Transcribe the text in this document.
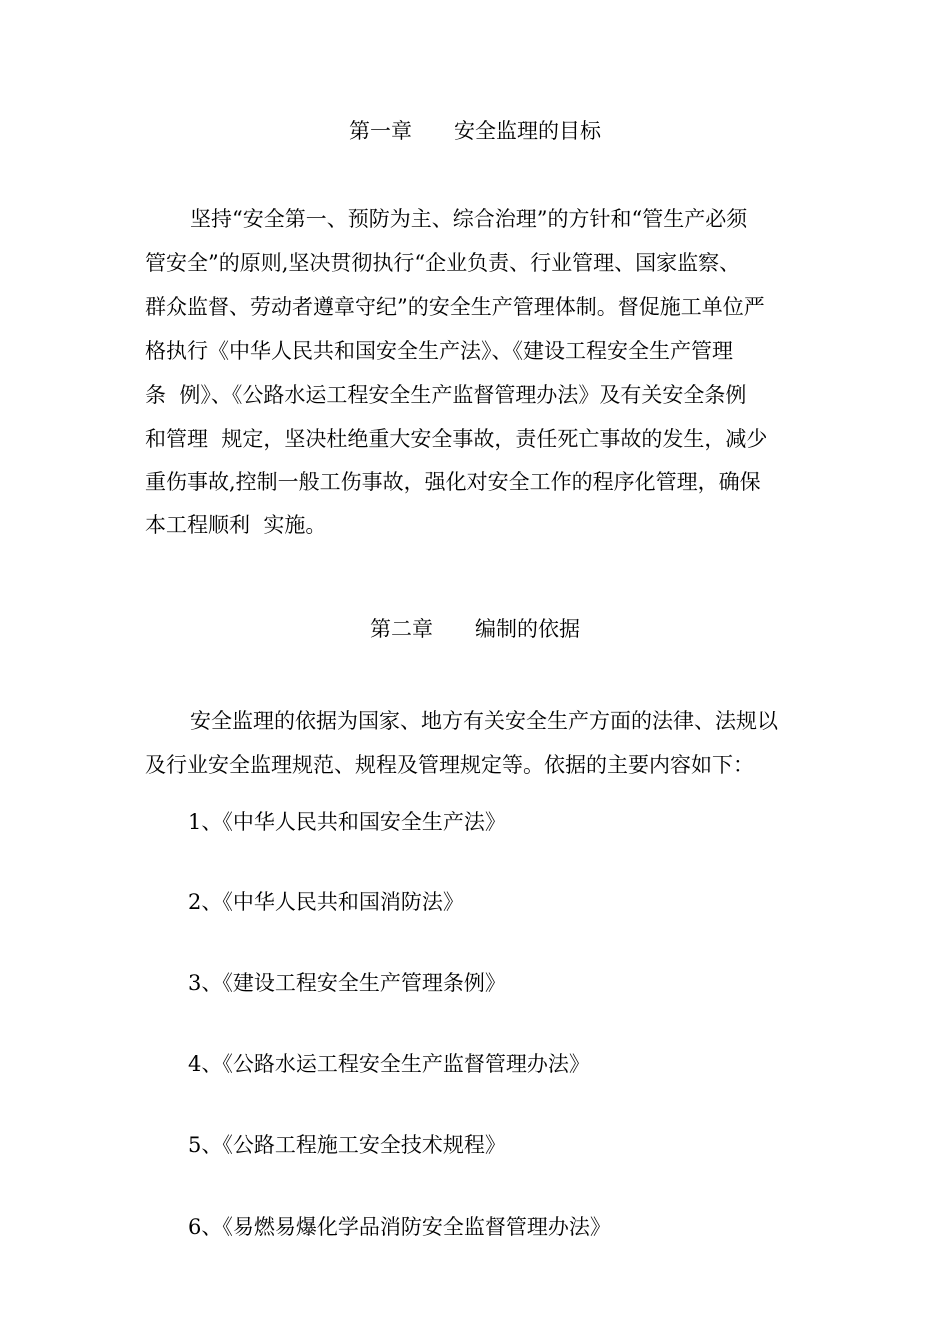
第一章　　安全监理的目标
坚持“安全第一、预防为主、综合治理”的方针和“管生产必须
管安全”的原则,坚决贯彻执行“企业负责、行业管理、国家监察、
群众监督、劳动者遵章守纪”的安全生产管理体制。督促施工单位严
格执行《中华人民共和国安全生产法》、《建设工程安全生产管理
条  例》、《公路水运工程安全生产监督管理办法》及有关安全条例
和管理  规定，坚决杜绝重大安全事故，责任死亡事故的发生，减少
重伤事故,控制一般工伤事故，强化对安全工作的程序化管理，确保
本工程顺利  实施。
第二章　　编制的依据
安全监理的依据为国家、地方有关安全生产方面的法律、法规以
及行业安全监理规范、规程及管理规定等。依据的主要内容如下：
1、《中华人民共和国安全生产法》
2、《中华人民共和国消防法》
3、《建设工程安全生产管理条例》
4、《公路水运工程安全生产监督管理办法》
5、《公路工程施工安全技术规程》
6、《易燃易爆化学品消防安全监督管理办法》
